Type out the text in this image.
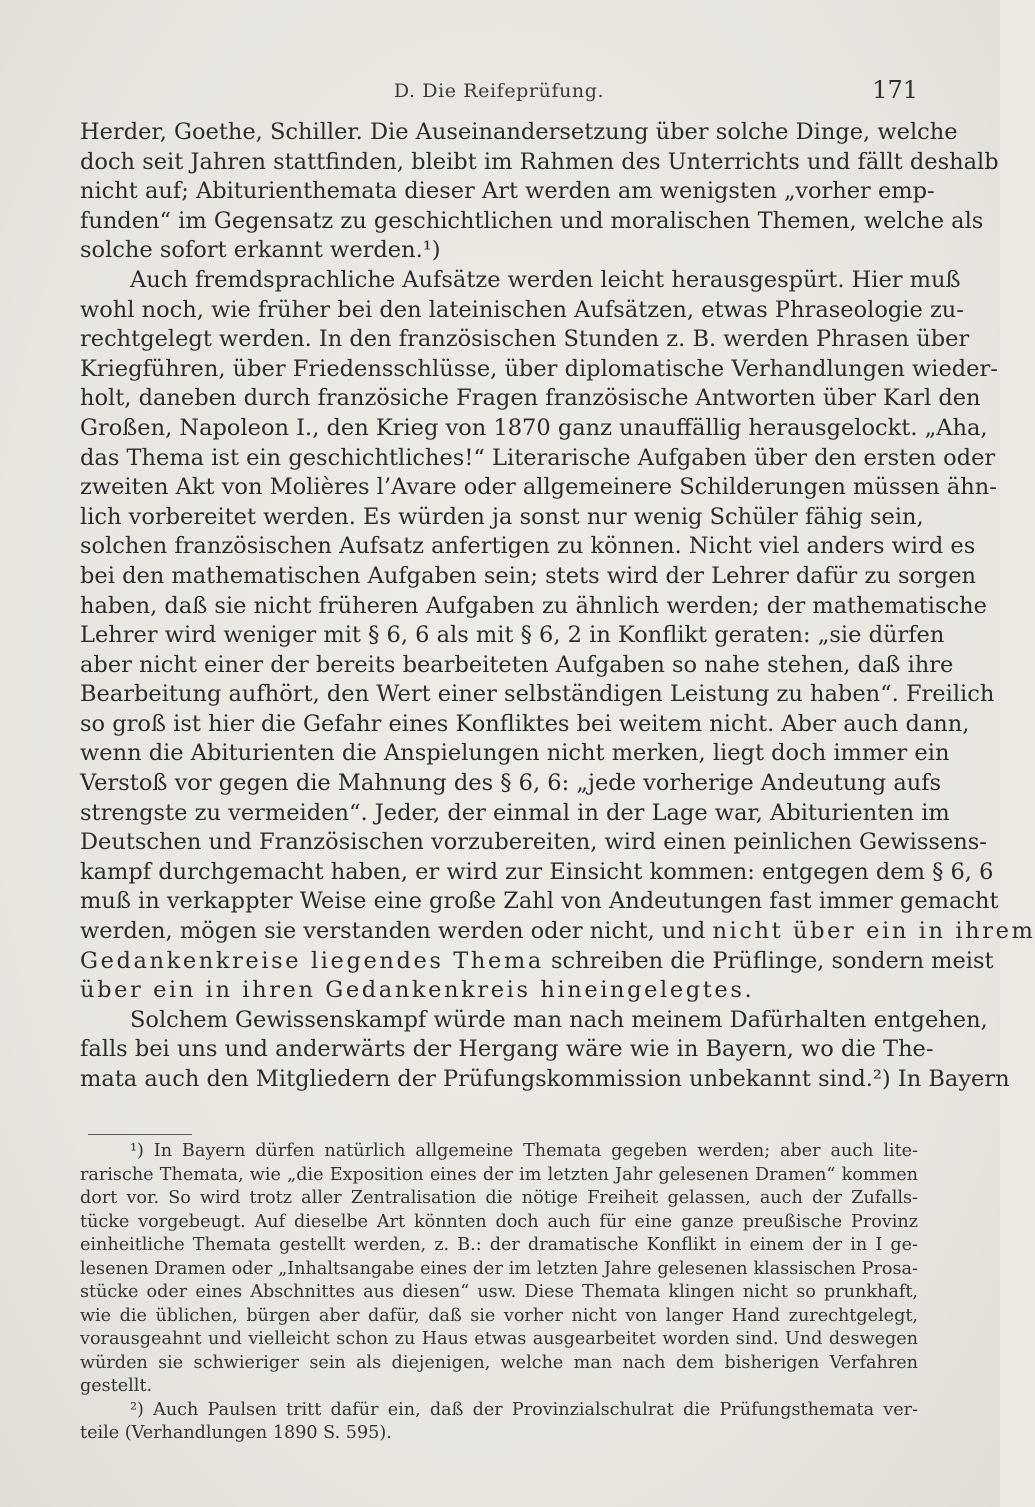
D. Die Reifeprüfung.	171
Herder, Goethe, Schiller. Die Auseinandersetzung über solche Dinge, welche
doch seit Jahren stattfinden, bleibt im Rahmen des Unterrichts und fällt deshalb
nicht auf; Abiturienthemata dieser Art werden am wenigsten „vorher emp-
funden“ im Gegensatz zu geschichtlichen und moralischen Themen, welche als
solche sofort erkannt werden.¹)
Auch fremdsprachliche Aufsätze werden leicht herausgespürt. Hier muß
wohl noch, wie früher bei den lateinischen Aufsätzen, etwas Phraseologie zu-
rechtgelegt werden. In den französischen Stunden z. B. werden Phrasen über
Kriegführen, über Friedensschlüsse, über diplomatische Verhandlungen wieder-
holt, daneben durch französiche Fragen französische Antworten über Karl den
Großen, Napoleon I., den Krieg von 1870 ganz unauffällig herausgelockt. „Aha,
das Thema ist ein geschichtliches!“ Literarische Aufgaben über den ersten oder
zweiten Akt von Molières l’Avare oder allgemeinere Schilderungen müssen ähn-
lich vorbereitet werden. Es würden ja sonst nur wenig Schüler fähig sein,
solchen französischen Aufsatz anfertigen zu können. Nicht viel anders wird es
bei den mathematischen Aufgaben sein; stets wird der Lehrer dafür zu sorgen
haben, daß sie nicht früheren Aufgaben zu ähnlich werden; der mathematische
Lehrer wird weniger mit § 6, 6 als mit § 6, 2 in Konflikt geraten: „sie dürfen
aber nicht einer der bereits bearbeiteten Aufgaben so nahe stehen, daß ihre
Bearbeitung aufhört, den Wert einer selbständigen Leistung zu haben“. Freilich
so groß ist hier die Gefahr eines Konfliktes bei weitem nicht. Aber auch dann,
wenn die Abiturienten die Anspielungen nicht merken, liegt doch immer ein
Verstoß vor gegen die Mahnung des § 6, 6: „jede vorherige Andeutung aufs
strengste zu vermeiden“. Jeder, der einmal in der Lage war, Abiturienten im
Deutschen und Französischen vorzubereiten, wird einen peinlichen Gewissens-
kampf durchgemacht haben, er wird zur Einsicht kommen: entgegen dem § 6, 6
muß in verkappter Weise eine große Zahl von Andeutungen fast immer gemacht
werden, mögen sie verstanden werden oder nicht, und nicht über ein in ihrem
Gedankenkreise liegendes Thema schreiben die Prüflinge, sondern meist
über ein in ihren Gedankenkreis hineingelegtes.
Solchem Gewissenskampf würde man nach meinem Dafürhalten entgehen,
falls bei uns und anderwärts der Hergang wäre wie in Bayern, wo die The-
mata auch den Mitgliedern der Prüfungskommission unbekannt sind.²) In Bayern
¹) In Bayern dürfen natürlich allgemeine Themata gegeben werden; aber auch lite-
rarische Themata, wie „die Exposition eines der im letzten Jahr gelesenen Dramen“ kommen
dort vor. So wird trotz aller Zentralisation die nötige Freiheit gelassen, auch der Zufalls-
tücke vorgebeugt. Auf dieselbe Art könnten doch auch für eine ganze preußische Provinz
einheitliche Themata gestellt werden, z. B.: der dramatische Konflikt in einem der in I ge-
lesenen Dramen oder „Inhaltsangabe eines der im letzten Jahre gelesenen klassischen Prosa-
stücke oder eines Abschnittes aus diesen“ usw. Diese Themata klingen nicht so prunkhaft,
wie die üblichen, bürgen aber dafür, daß sie vorher nicht von langer Hand zurechtgelegt,
vorausgeahnt und vielleicht schon zu Haus etwas ausgearbeitet worden sind. Und deswegen
würden sie schwieriger sein als diejenigen, welche man nach dem bisherigen Verfahren
gestellt.
²) Auch Paulsen tritt dafür ein, daß der Provinzialschulrat die Prüfungsthemata ver-
teile (Verhandlungen 1890 S. 595).
